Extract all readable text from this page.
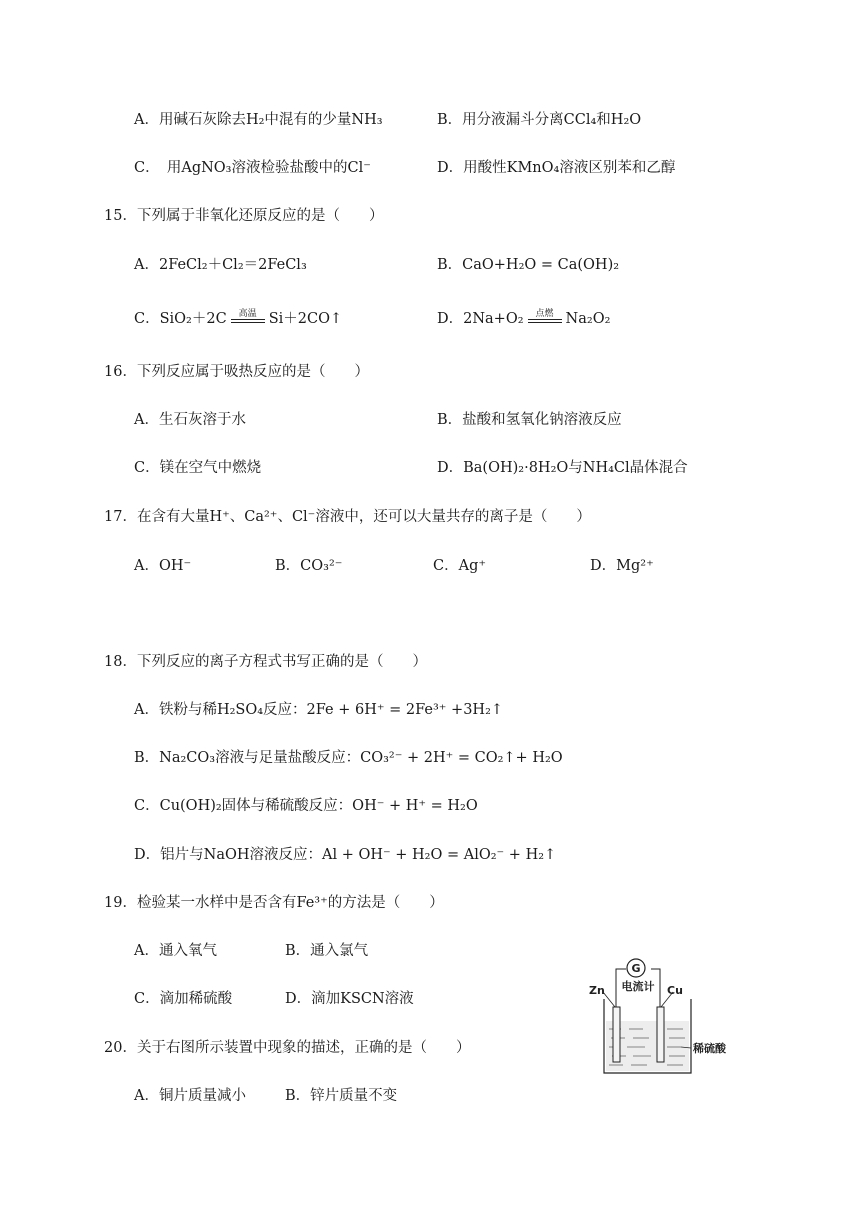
A．用碱石灰除去H₂中混有的少量NH₃	B．用分液漏斗分离CCl₄和H₂O
C．　用AgNO₃溶液检验盐酸中的Cl⁻	D．用酸性KMnO₄溶液区别苯和乙醇
15．下列属于非氧化还原反应的是（　　）
A．2FeCl₂＋Cl₂＝2FeCl₃	B．CaO+H₂O = Ca(OH)₂
C．SiO₂＋2C	高温 Si＋2CO↑	D．2Na+O₂	点燃 Na₂O₂
16．下列反应属于吸热反应的是（　　）
A．生石灰溶于水	B．盐酸和氢氧化钠溶液反应
C．镁在空气中燃烧	D．Ba(OH)₂·8H₂O与NH₄Cl晶体混合
17．在含有大量H⁺、Ca²⁺、Cl⁻溶液中，还可以大量共存的离子是（　　）
A．OH⁻	B．CO₃²⁻	C．Ag⁺	D．Mg²⁺
18．下列反应的离子方程式书写正确的是（　　）
A．铁粉与稀H₂SO₄反应：2Fe + 6H⁺ = 2Fe³⁺ +3H₂↑
B．Na₂CO₃溶液与足量盐酸反应：CO₃²⁻ + 2H⁺ = CO₂↑+ H₂O
C．Cu(OH)₂固体与稀硫酸反应：OH⁻ + H⁺ = H₂O
D．铝片与NaOH溶液反应：Al + OH⁻ + H₂O = AlO₂⁻ + H₂↑
19．检验某一水样中是否含有Fe³⁺的方法是（　　）
A．通入氧气	B．通入氯气
C．滴加稀硫酸	D．滴加KSCN溶液
20．关于右图所示装置中现象的描述，正确的是（　　）
A．铜片质量减小	B．锌片质量不变
G
电流计
Zn	Cu
稀硫酸
